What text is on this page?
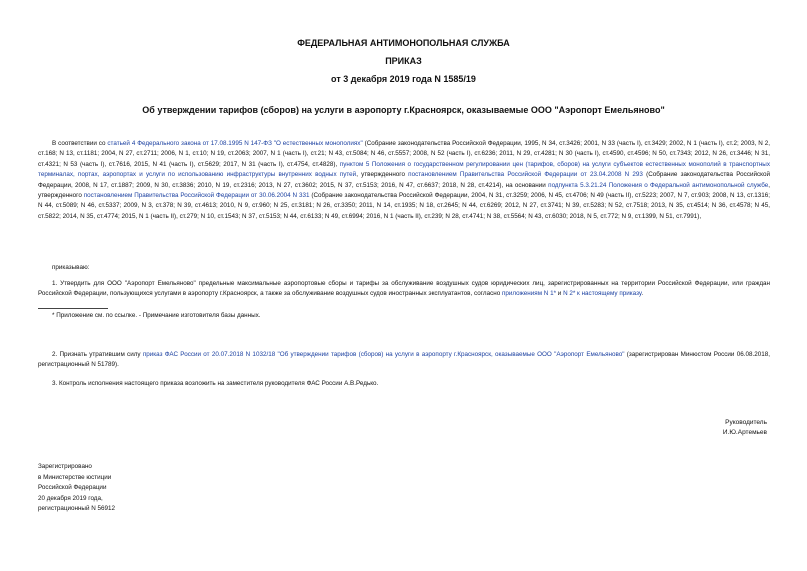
ФЕДЕРАЛЬНАЯ АНТИМОНОПОЛЬНАЯ СЛУЖБА
ПРИКАЗ
от 3 декабря 2019 года N 1585/19
Об утверждении тарифов (сборов) на услуги в аэропорту г.Красноярск, оказываемые ООО "Аэропорт Емельяново"
В соответствии со статьей 4 Федерального закона от 17.08.1995 N 147-ФЗ "О естественных монополиях" (Собрание законодательства Российской Федерации, 1995, N 34, ст.3426; 2001, N 33 (часть I), ст.3429; 2002, N 1 (часть I), ст.2; 2003, N 2, ст.168; N 13, ст.1181; 2004, N 27, ст.2711; 2006, N 1, ст.10; N 19, ст.2063; 2007, N 1 (часть I), ст.21; N 43, ст.5084; N 46, ст.5557; 2008, N 52 (часть I), ст.6236; 2011, N 29, ст.4281; N 30 (часть I), ст.4590, ст.4596; N 50, ст.7343; 2012, N 26, ст.3446; N 31, ст.4321; N 53 (часть I), ст.7616, 2015, N 41 (часть I), ст.5629; 2017, N 31 (часть I), ст.4754, ст.4828), пунктом 5 Положения о государственном регулировании цен (тарифов, сборов) на услуги субъектов естественных монополий в транспортных терминалах, портах, аэропортах и услуги по использованию инфраструктуры внутренних водных путей, утвержденного постановлением Правительства Российской Федерации от 23.04.2008 N 293 (Собрание законодательства Российской Федерации, 2008, N 17, ст.1887; 2009, N 30, ст.3836; 2010, N 19, ст.2316; 2013, N 27, ст.3602; 2015, N 37, ст.5153; 2016, N 47, ст.6637; 2018, N 28, ст.4214), на основании подпункта 5.3.21.24 Положения о Федеральной антимонопольной службе, утвержденного постановлением Правительства Российской Федерации от 30.06.2004 N 331 (Собрание законодательства Российской Федерации, 2004, N 31, ст.3259; 2006, N 45, ст.4706; N 49 (часть II), ст.5223; 2007, N 7, ст.903; 2008, N 13, ст.1316; N 44, ст.5089; N 46, ст.5337; 2009, N 3, ст.378; N 39, ст.4613; 2010, N 9, ст.960; N 25, ст.3181; N 26, ст.3350; 2011, N 14, ст.1935; N 18, ст.2645; N 44, ст.6269; 2012, N 27, ст.3741; N 39, ст.5283; N 52, ст.7518; 2013, N 35, ст.4514; N 36, ст.4578; N 45, ст.5822; 2014, N 35, ст.4774; 2015, N 1 (часть II), ст.279; N 10, ст.1543; N 37, ст.5153; N 44, ст.6133; N 49, ст.6994; 2016, N 1 (часть II), ст.239; N 28, ст.4741; N 38, ст.5564; N 43, ст.6030; 2018, N 5, ст.772; N 9, ст.1399, N 51, ст.7991),
приказываю:
1. Утвердить для ООО "Аэропорт Емельяново" предельные максимальные аэропортовые сборы и тарифы за обслуживание воздушных судов юридических лиц, зарегистрированных на территории Российской Федерации, или граждан Российской Федерации, пользующихся услугами в аэропорту г.Красноярск, а также за обслуживание воздушных судов иностранных эксплуатантов, согласно приложениям N 1* и N 2* к настоящему приказу.
* Приложение см. по ссылке. - Примечание изготовителя базы данных.
2. Признать утратившим силу приказ ФАС России от 20.07.2018 N 1032/18 "Об утверждении тарифов (сборов) на услуги в аэропорту г.Красноярск, оказываемые ООО "Аэропорт Емельяново" (зарегистрирован Минюстом России 06.08.2018, регистрационный N 51789).
3. Контроль исполнения настоящего приказа возложить на заместителя руководителя ФАС России А.В.Редько.
Руководитель
И.Ю.Артемьев
Зарегистрировано
в Министерстве юстиции
Российской Федерации
20 декабря 2019 года,
регистрационный N 56912
